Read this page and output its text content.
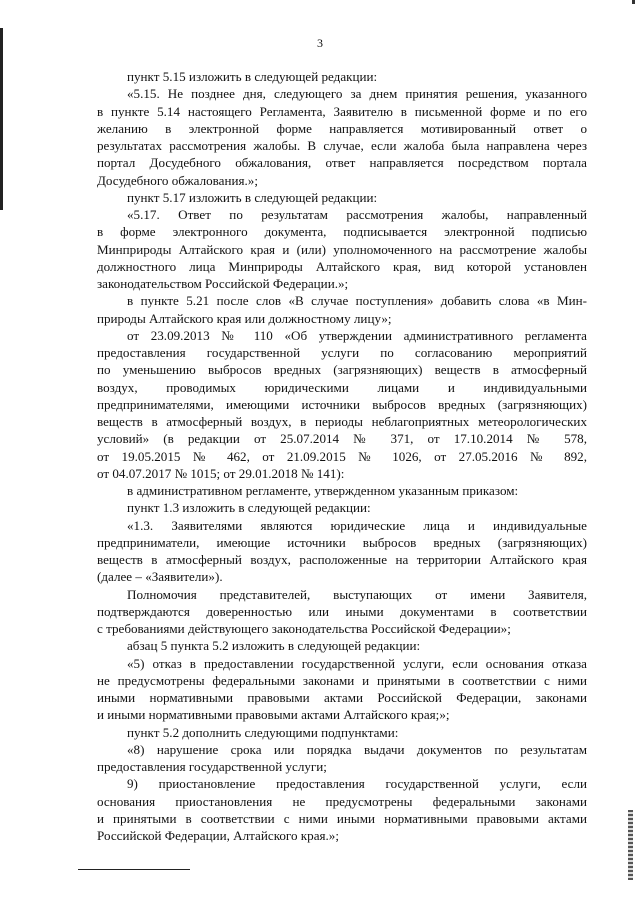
3
пункт 5.15 изложить в следующей редакции:
«5.15. Не позднее дня, следующего за днем принятия решения, указанного
в пункте 5.14 настоящего Регламента, Заявителю в письменной форме и по его
желанию в электронной форме направляется мотивированный ответ о
результатах рассмотрения жалобы. В случае, если жалоба была направлена через
портал Досудебного обжалования, ответ направляется посредством портала
Досудебного обжалования.»;
пункт 5.17 изложить в следующей редакции:
«5.17. Ответ по результатам рассмотрения жалобы, направленный
в форме электронного документа, подписывается электронной подписью
Минприроды Алтайского края и (или) уполномоченного на рассмотрение жалобы
должностного лица Минприроды Алтайского края, вид которой установлен
законодательством Российской Федерации.»;
в пункте 5.21 после слов «В случае поступления» добавить слова «в Мин-
природы Алтайского края или должностному лицу»;
от 23.09.2013 № 110 «Об утверждении административного регламента
предоставления государственной услуги по согласованию мероприятий
по уменьшению выбросов вредных (загрязняющих) веществ в атмосферный
воздух, проводимых юридическими лицами и индивидуальными
предпринимателями, имеющими источники выбросов вредных (загрязняющих)
веществ в атмосферный воздух, в периоды неблагоприятных метеорологических
условий» (в редакции от 25.07.2014 № 371, от 17.10.2014 № 578,
от 19.05.2015 № 462, от 21.09.2015 № 1026, от 27.05.2016 № 892,
от 04.07.2017 № 1015; от 29.01.2018 № 141):
в административном регламенте, утвержденном указанным приказом:
пункт 1.3 изложить в следующей редакции:
«1.3. Заявителями являются юридические лица и индивидуальные
предприниматели, имеющие источники выбросов вредных (загрязняющих)
веществ в атмосферный воздух, расположенные на территории Алтайского края
(далее – «Заявители»).
Полномочия представителей, выступающих от имени Заявителя,
подтверждаются доверенностью или иными документами в соответствии
с требованиями действующего законодательства Российской Федерации»;
абзац 5 пункта 5.2 изложить в следующей редакции:
«5) отказ в предоставлении государственной услуги, если основания отказа
не предусмотрены федеральными законами и принятыми в соответствии с ними
иными нормативными правовыми актами Российской Федерации, законами
и иными нормативными правовыми актами Алтайского края;»;
пункт 5.2 дополнить следующими подпунктами:
«8) нарушение срока или порядка выдачи документов по результатам
предоставления государственной услуги;
9) приостановление предоставления государственной услуги, если
основания приостановления не предусмотрены федеральными законами
и принятыми в соответствии с ними иными нормативными правовыми актами
Российской Федерации, Алтайского края.»;
